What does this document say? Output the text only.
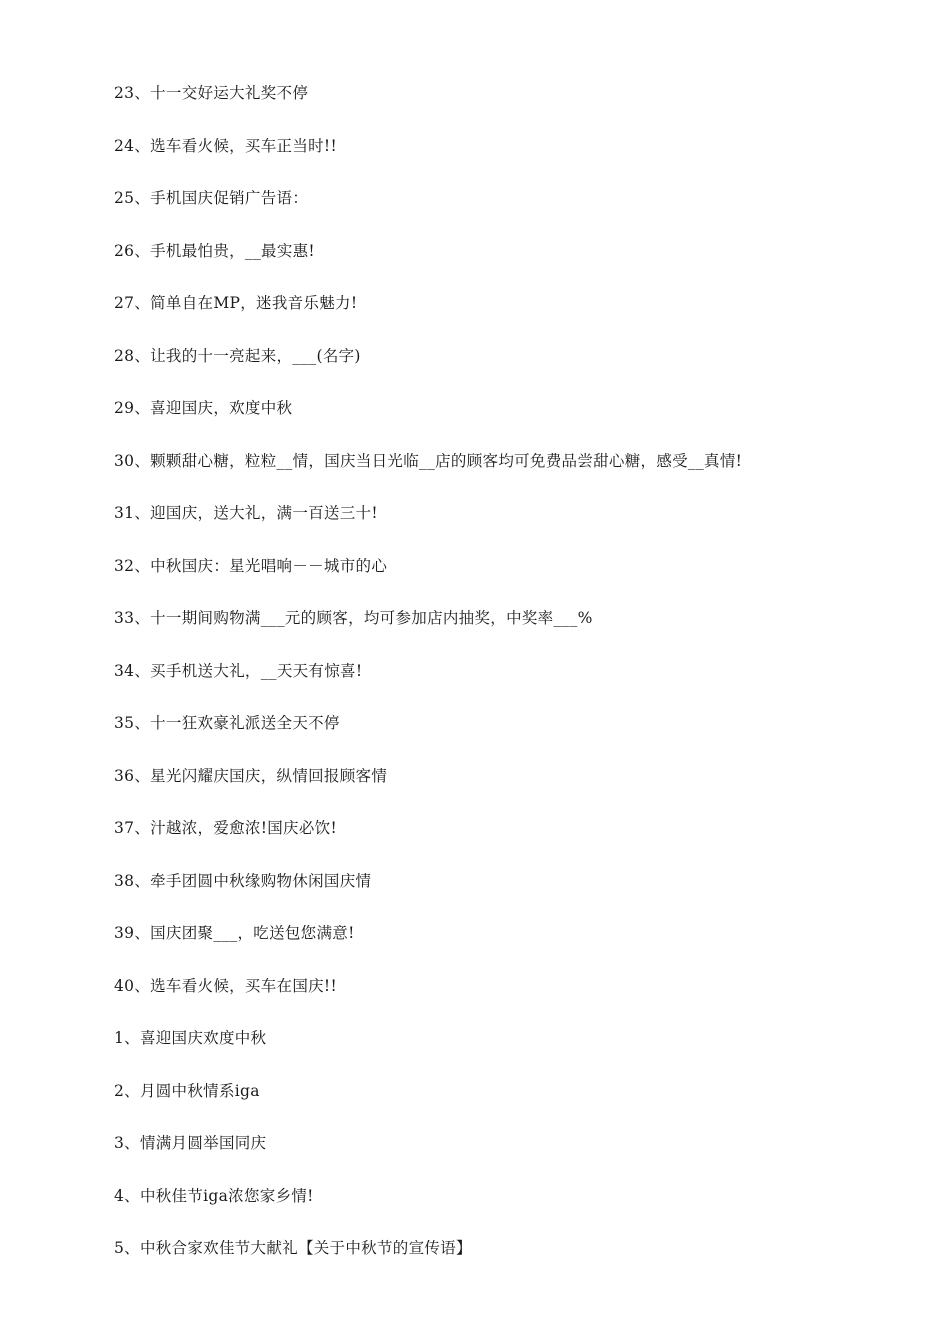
23、十一交好运大礼奖不停
24、选车看火候，买车正当时!!
25、手机国庆促销广告语：
26、手机最怕贵，__最实惠!
27、简单自在MP，迷我音乐魅力!
28、让我的十一亮起来，___(名字)
29、喜迎国庆，欢度中秋
30、颗颗甜心糖，粒粒__情，国庆当日光临__店的顾客均可免费品尝甜心糖，感受__真情!
31、迎国庆，送大礼，满一百送三十!
32、中秋国庆：星光唱响－－城市的心
33、十一期间购物满___元的顾客，均可参加店内抽奖，中奖率___%
34、买手机送大礼，__天天有惊喜!
35、十一狂欢豪礼派送全天不停
36、星光闪耀庆国庆，纵情回报顾客情
37、汁越浓，爱愈浓!国庆必饮!
38、牵手团圆中秋缘购物休闲国庆情
39、国庆团聚___，吃送包您满意!
40、选车看火候，买车在国庆!!
1、喜迎国庆欢度中秋
2、月圆中秋情系iga
3、情满月圆举国同庆
4、中秋佳节iga浓您家乡情!
5、中秋合家欢佳节大献礼【关于中秋节的宣传语】
